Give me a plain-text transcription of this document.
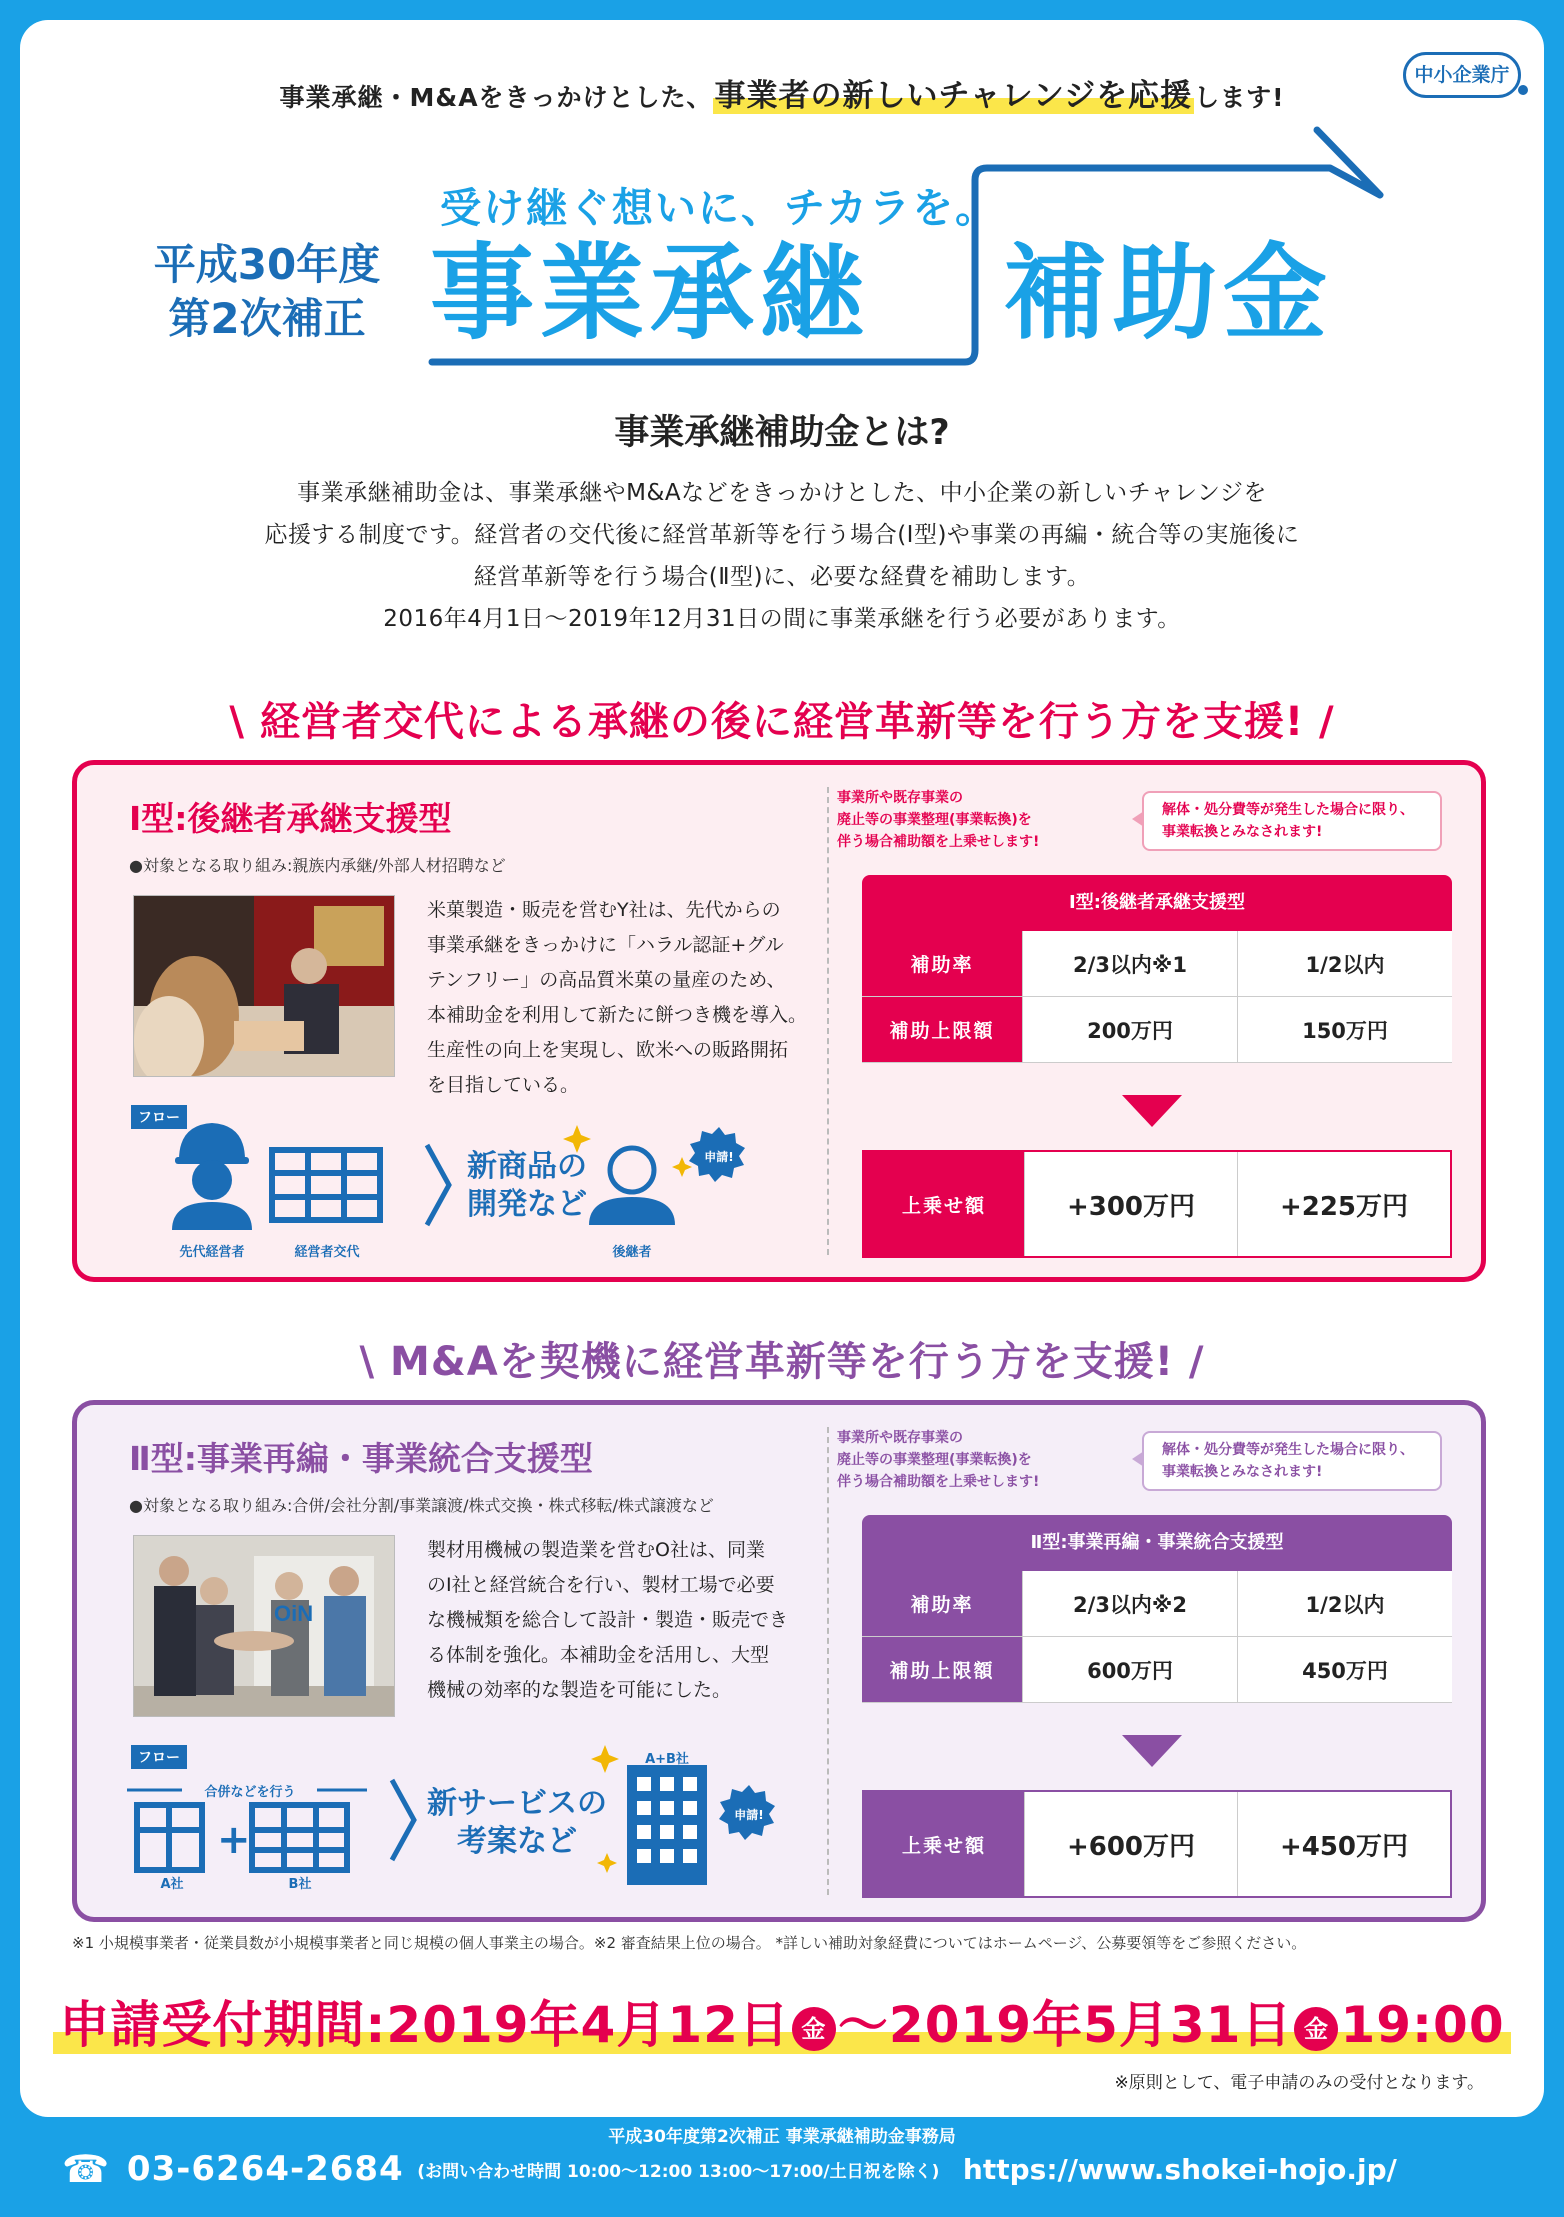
事業承継・M&Aをきっかけとした、事業者の新しいチャレンジを応援します!
中小企業庁
平成30年度
第2次補正
受け継ぐ想いに、チカラを。
事業承継 補助金
事業承継補助金とは?
事業承継補助金は、事業承継やM&Aなどをきっかけとした、中小企業の新しいチャレンジを
応援する制度です。経営者の交代後に経営革新等を行う場合(I型)や事業の再編・統合等の実施後に
経営革新等を行う場合(Ⅱ型)に、必要な経費を補助します。
2016年4月1日〜2019年12月31日の間に事業承継を行う必要があります。
\ 経営者交代による承継の後に経営革新等を行う方を支援! /
I型:後継者承継支援型
●対象となる取り組み:親族内承継/外部人材招聘など
米菓製造・販売を営むY社は、先代からの
事業承継をきっかけに「ハラル認証+グル
テンフリー」の高品質米菓の量産のため、
本補助金を利用して新たに餅つき機を導入。
生産性の向上を実現し、欧米への販路開拓
を目指している。
フロー
先代経営者	経営者交代	後継者
新商品の
開発など
申請!
事業所や既存事業の
廃止等の事業整理(事業転換)を
伴う場合補助額を上乗せします!
解体・処分費等が発生した場合に限り、
事業転換とみなされます!
I型:後継者承継支援型
補助率	2/3以内※1	1/2以内
補助上限額	200万円	150万円
上乗せ額	+300万円	+225万円
\ M&Aを契機に経営革新等を行う方を支援! /
Ⅱ型:事業再編・事業統合支援型
●対象となる取り組み:合併/会社分割/事業譲渡/株式交換・株式移転/株式譲渡など
OiN
製材用機械の製造業を営むO社は、同業
のI社と経営統合を行い、製材工場で必要
な機械類を総合して設計・製造・販売でき
る体制を強化。本補助金を活用し、大型
機械の効率的な製造を可能にした。
フロー
+
合併などを行う
A社	B社
A+B社
新サービスの
考案など
申請!
事業所や既存事業の
廃止等の事業整理(事業転換)を
伴う場合補助額を上乗せします!
解体・処分費等が発生した場合に限り、
事業転換とみなされます!
Ⅱ型:事業再編・事業統合支援型
補助率	2/3以内※2	1/2以内
補助上限額	600万円	450万円
上乗せ額	+600万円	+450万円
※1 小規模事業者・従業員数が小規模事業者と同じ規模の個人事業主の場合。※2 審査結果上位の場合。 *詳しい補助対象経費についてはホームページ、公募要領等をご参照ください。
申請受付期間:2019年4月12日 金 〜2019年5月31日 金 19:00
※原則として、電子申請のみの受付となります。
平成30年度第2次補正 事業承継補助金事務局
☎ 03-6264-2684 (お問い合わせ時間 10:00〜12:00 13:00〜17:00/土日祝を除く) https://www.shokei-hojo.jp/
